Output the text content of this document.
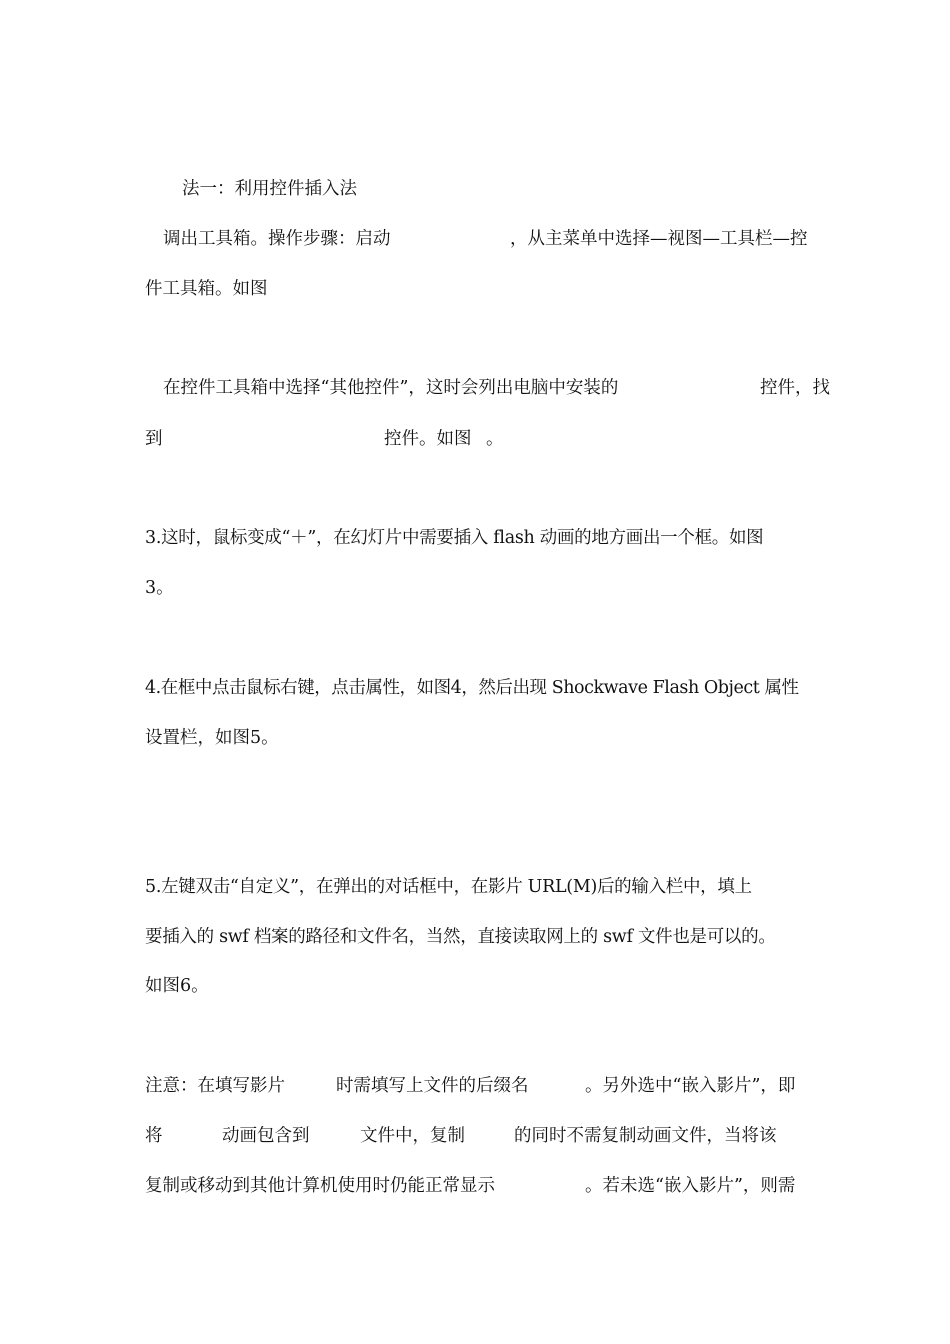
法一：利用控件插入法
调出工具箱。操作步骤：启动	，从主菜单中选择—视图—工具栏—控
件工具箱。如图
在控件工具箱中选择“其他控件”，这时会列出电脑中安装的	控件，找
到	控件。如图 。
3.这时，鼠标变成“＋”，在幻灯片中需要插入 flash 动画的地方画出一个框。如图
3。
4.在框中点击鼠标右键，点击属性，如图4，然后出现 Shockwave Flash Object 属性
设置栏，如图5。
5.左键双击“自定义”，在弹出的对话框中，在影片 URL(M)后的输入栏中，填上
要插入的 swf 档案的路径和文件名，当然，直接读取网上的 swf 文件也是可以的。
如图6。
注意：在填写影片	时需填写上文件的后缀名	。另外选中“嵌入影片”，即
将	动画包含到	文件中，复制	的同时不需复制动画文件，当将该
复制或移动到其他计算机使用时仍能正常显示	。若未选“嵌入影片”，则需
